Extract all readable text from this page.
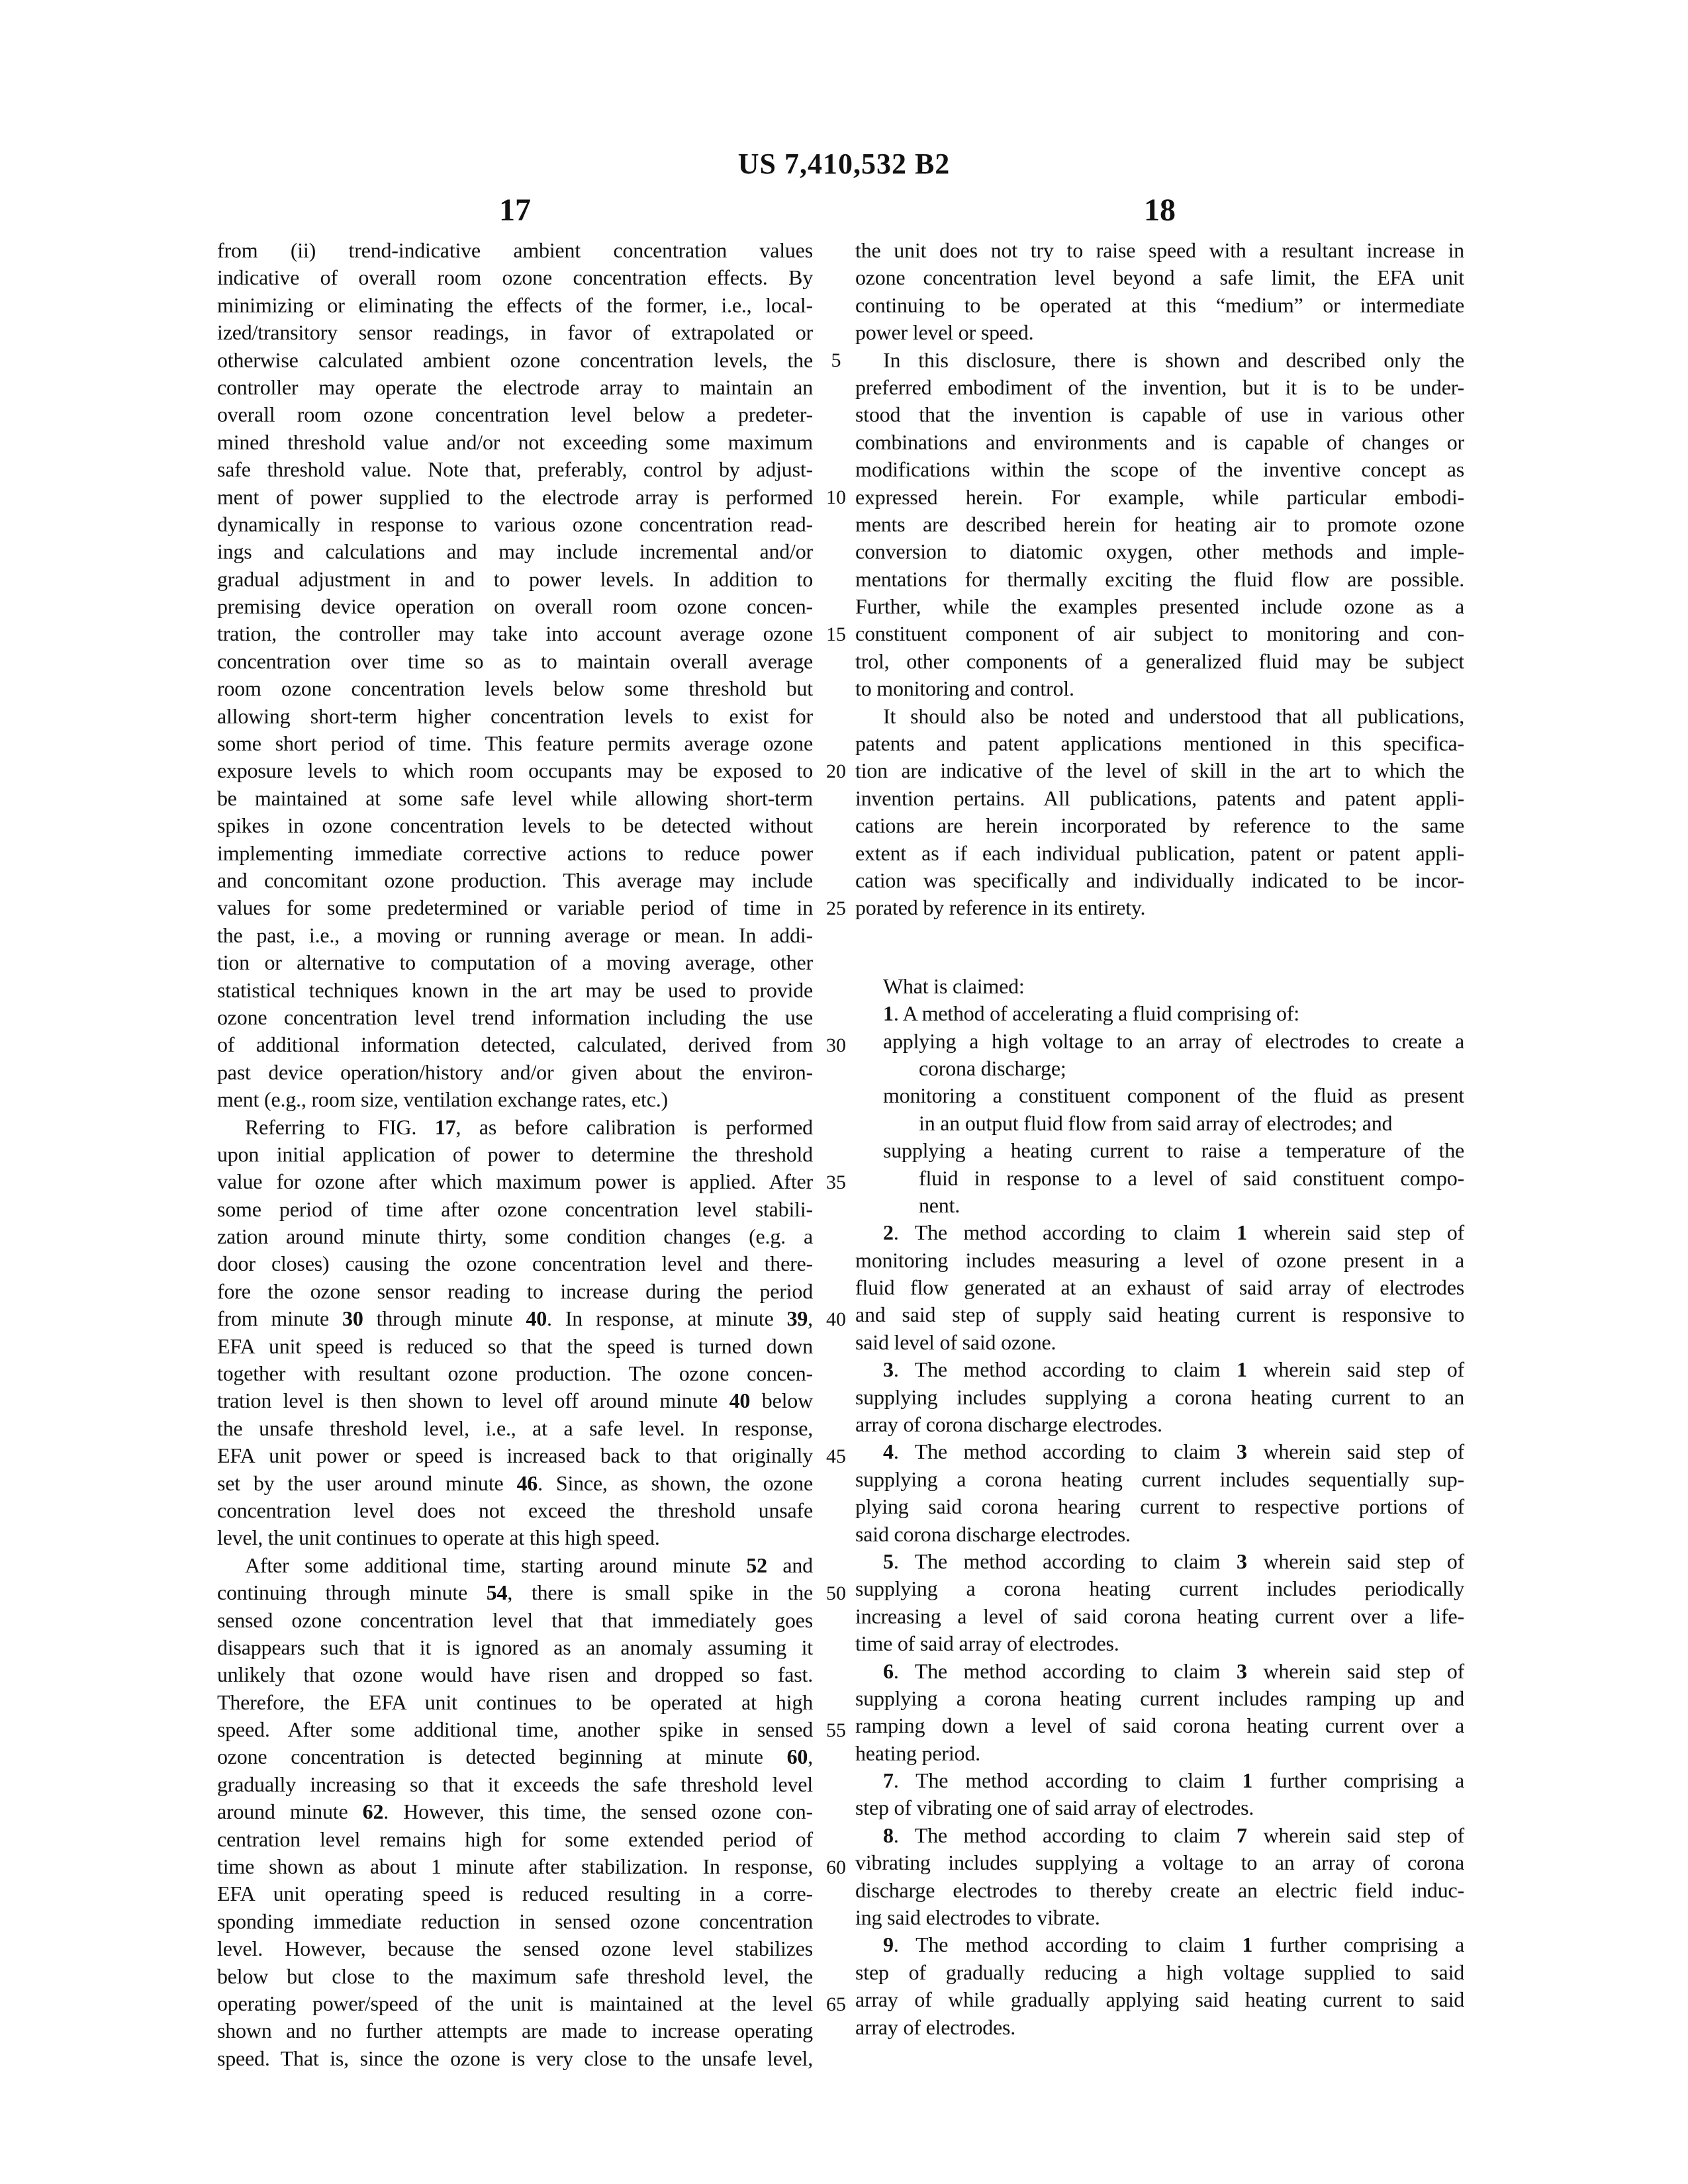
US 7,410,532 B2
17	18
from (ii) trend-indicative ambient concentration values
indicative of overall room ozone concentration effects. By
minimizing or eliminating the effects of the former, i.e., local-
ized/transitory sensor readings, in favor of extrapolated or
otherwise calculated ambient ozone concentration levels, the
controller may operate the electrode array to maintain an
overall room ozone concentration level below a predeter-
mined threshold value and/or not exceeding some maximum
safe threshold value. Note that, preferably, control by adjust-
ment of power supplied to the electrode array is performed
dynamically in response to various ozone concentration read-
ings and calculations and may include incremental and/or
gradual adjustment in and to power levels. In addition to
premising device operation on overall room ozone concen-
tration, the controller may take into account average ozone
concentration over time so as to maintain overall average
room ozone concentration levels below some threshold but
allowing short-term higher concentration levels to exist for
some short period of time. This feature permits average ozone
exposure levels to which room occupants may be exposed to
be maintained at some safe level while allowing short-term
spikes in ozone concentration levels to be detected without
implementing immediate corrective actions to reduce power
and concomitant ozone production. This average may include
values for some predetermined or variable period of time in
the past, i.e., a moving or running average or mean. In addi-
tion or alternative to computation of a moving average, other
statistical techniques known in the art may be used to provide
ozone concentration level trend information including the use
of additional information detected, calculated, derived from
past device operation/history and/or given about the environ-
ment (e.g., room size, ventilation exchange rates, etc.)
Referring to FIG. 17, as before calibration is performed
upon initial application of power to determine the threshold
value for ozone after which maximum power is applied. After
some period of time after ozone concentration level stabili-
zation around minute thirty, some condition changes (e.g. a
door closes) causing the ozone concentration level and there-
fore the ozone sensor reading to increase during the period
from minute 30 through minute 40. In response, at minute 39,
EFA unit speed is reduced so that the speed is turned down
together with resultant ozone production. The ozone concen-
tration level is then shown to level off around minute 40 below
the unsafe threshold level, i.e., at a safe level. In response,
EFA unit power or speed is increased back to that originally
set by the user around minute 46. Since, as shown, the ozone
concentration level does not exceed the threshold unsafe
level, the unit continues to operate at this high speed.
After some additional time, starting around minute 52 and
continuing through minute 54, there is small spike in the
sensed ozone concentration level that that immediately goes
disappears such that it is ignored as an anomaly assuming it
unlikely that ozone would have risen and dropped so fast.
Therefore, the EFA unit continues to be operated at high
speed. After some additional time, another spike in sensed
ozone concentration is detected beginning at minute 60,
gradually increasing so that it exceeds the safe threshold level
around minute 62. However, this time, the sensed ozone con-
centration level remains high for some extended period of
time shown as about 1 minute after stabilization. In response,
EFA unit operating speed is reduced resulting in a corre-
sponding immediate reduction in sensed ozone concentration
level. However, because the sensed ozone level stabilizes
below but close to the maximum safe threshold level, the
operating power/speed of the unit is maintained at the level
shown and no further attempts are made to increase operating
speed. That is, since the ozone is very close to the unsafe level,
5
10
15
20
25
30
35
40
45
50
55
60
65
the unit does not try to raise speed with a resultant increase in
ozone concentration level beyond a safe limit, the EFA unit
continuing to be operated at this “medium” or intermediate
power level or speed.
In this disclosure, there is shown and described only the
preferred embodiment of the invention, but it is to be under-
stood that the invention is capable of use in various other
combinations and environments and is capable of changes or
modifications within the scope of the inventive concept as
expressed herein. For example, while particular embodi-
ments are described herein for heating air to promote ozone
conversion to diatomic oxygen, other methods and imple-
mentations for thermally exciting the fluid flow are possible.
Further, while the examples presented include ozone as a
constituent component of air subject to monitoring and con-
trol, other components of a generalized fluid may be subject
to monitoring and control.
It should also be noted and understood that all publications,
patents and patent applications mentioned in this specifica-
tion are indicative of the level of skill in the art to which the
invention pertains. All publications, patents and patent appli-
cations are herein incorporated by reference to the same
extent as if each individual publication, patent or patent appli-
cation was specifically and individually indicated to be incor-
porated by reference in its entirety.
What is claimed:
1. A method of accelerating a fluid comprising of:
applying a high voltage to an array of electrodes to create a
corona discharge;
monitoring a constituent component of the fluid as present
in an output fluid flow from said array of electrodes; and
supplying a heating current to raise a temperature of the
fluid in response to a level of said constituent compo-
nent.
2. The method according to claim 1 wherein said step of
monitoring includes measuring a level of ozone present in a
fluid flow generated at an exhaust of said array of electrodes
and said step of supply said heating current is responsive to
said level of said ozone.
3. The method according to claim 1 wherein said step of
supplying includes supplying a corona heating current to an
array of corona discharge electrodes.
4. The method according to claim 3 wherein said step of
supplying a corona heating current includes sequentially sup-
plying said corona hearing current to respective portions of
said corona discharge electrodes.
5. The method according to claim 3 wherein said step of
supplying a corona heating current includes periodically
increasing a level of said corona heating current over a life-
time of said array of electrodes.
6. The method according to claim 3 wherein said step of
supplying a corona heating current includes ramping up and
ramping down a level of said corona heating current over a
heating period.
7. The method according to claim 1 further comprising a
step of vibrating one of said array of electrodes.
8. The method according to claim 7 wherein said step of
vibrating includes supplying a voltage to an array of corona
discharge electrodes to thereby create an electric field induc-
ing said electrodes to vibrate.
9. The method according to claim 1 further comprising a
step of gradually reducing a high voltage supplied to said
array of while gradually applying said heating current to said
array of electrodes.
